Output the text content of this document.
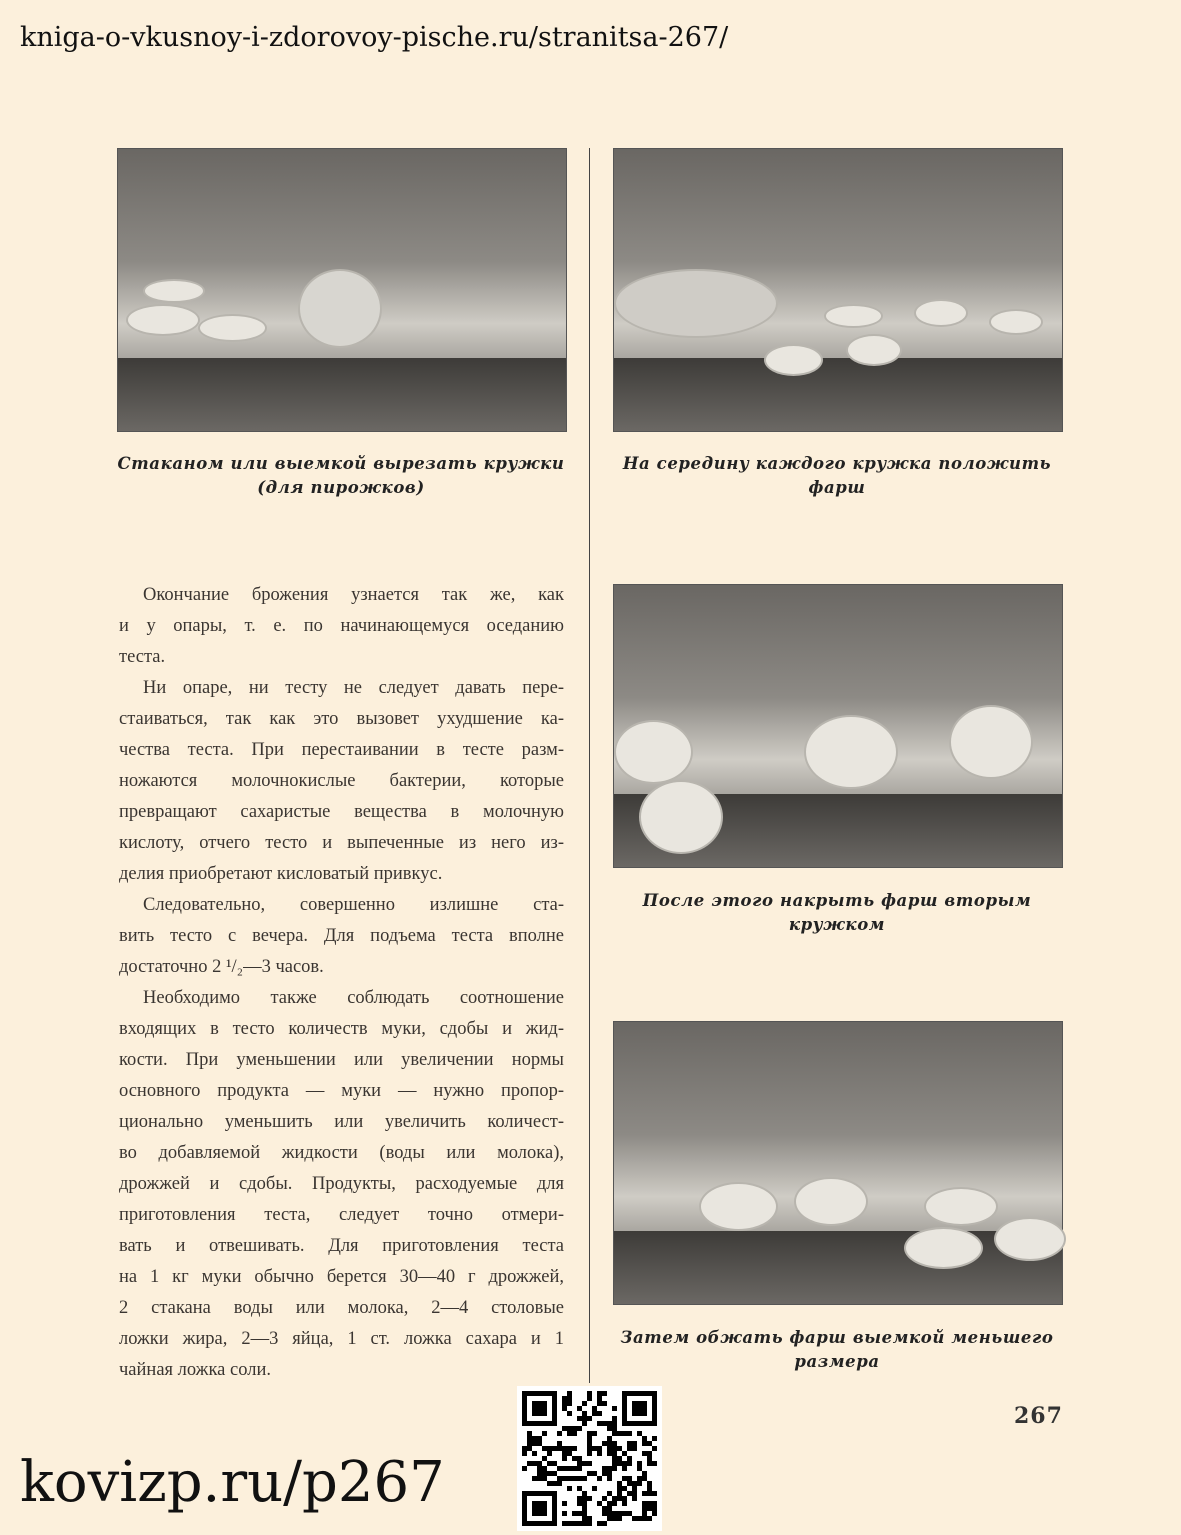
kniga-o-vkusnoy-i-zdorovoy-pische.ru/stranitsa-267/
Стаканом или выемкой вырезать кружки
(для пирожков)
На середину каждого кружка положить
фарш
После этого накрыть фарш вторым
кружком
Затем обжать фарш выемкой меньшего
размера
Окончание брожения узнается так же, как
и у опары, т. е. по начинающемуся оседанию
теста.
Ни опаре, ни тесту не следует давать пере-
стаиваться, так как это вызовет ухудшение ка-
чества теста. При перестаивании в тесте разм-
ножаются молочнокислые бактерии, которые
превращают сахаристые вещества в молочную
кислоту, отчего тесто и выпеченные из него из-
делия приобретают кисловатый привкус.
Следовательно, совершенно излишне ста-
вить тесто с вечера. Для подъема теста вполне
достаточно 2 ¹/₂—3 часов.
Необходимо также соблюдать соотношение
входящих в тесто количеств муки, сдобы и жид-
кости. При уменьшении или увеличении нормы
основного продукта — муки — нужно пропор-
ционально уменьшить или увеличить количест-
во добавляемой жидкости (воды или молока),
дрожжей и сдобы. Продукты, расходуемые для
приготовления теста, следует точно отмери-
вать и отвешивать. Для приготовления теста
на 1 кг муки обычно берется 30—40 г дрожжей,
2 стакана воды или молока, 2—4 столовые
ложки жира, 2—3 яйца, 1 ст. ложка сахара и 1
чайная ложка соли.
267
kovizp.ru/p267
